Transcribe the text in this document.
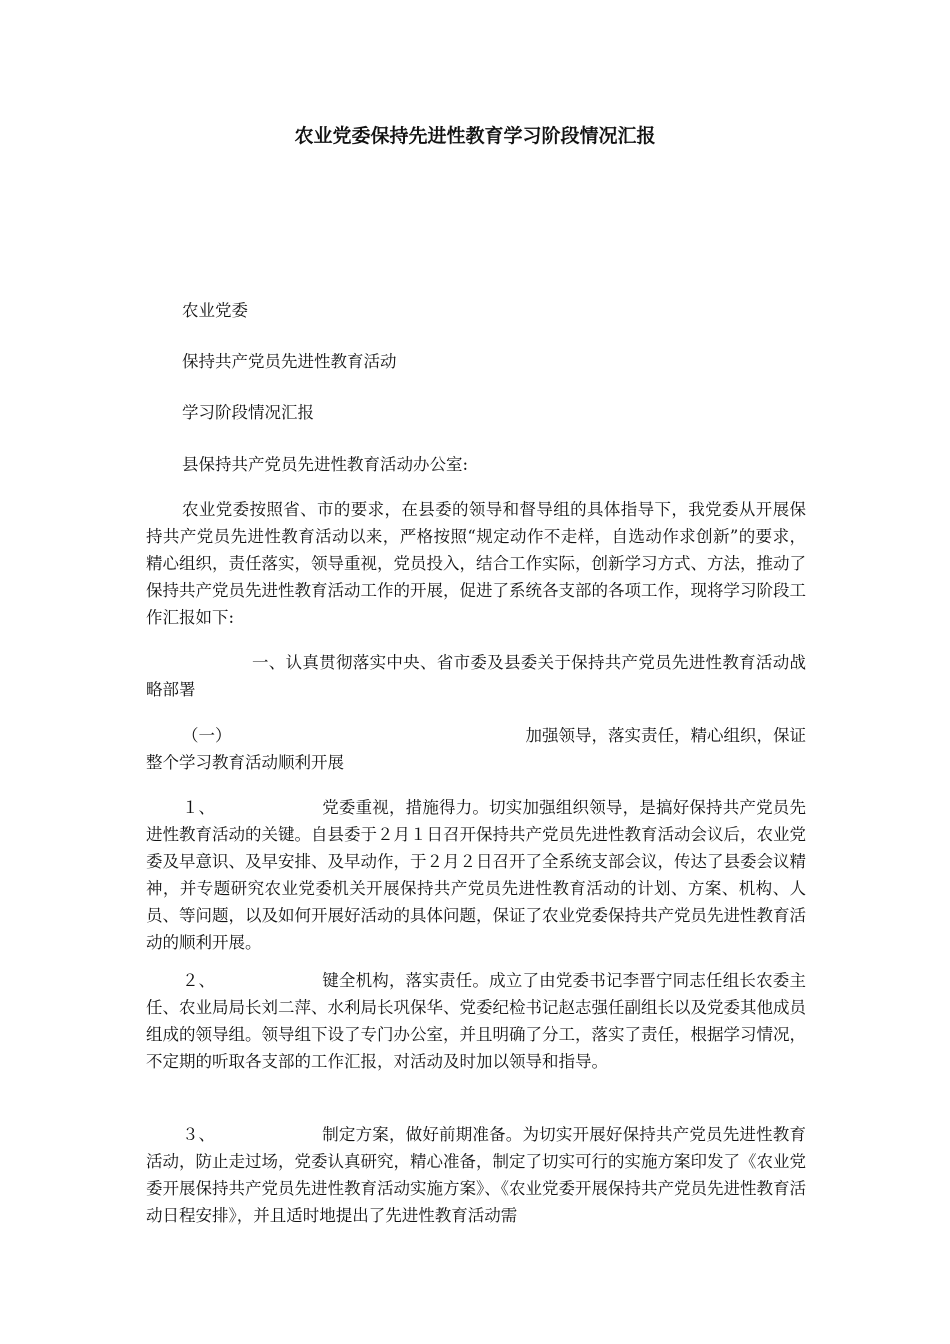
农业党委保持先进性教育学习阶段情况汇报
农业党委
保持共产党员先进性教育活动
学习阶段情况汇报
县保持共产党员先进性教育活动办公室:

农业党委按照省、市的要求，在县委的领导和督导组的具体指导下，我党委从开展保持共产党员先进性教育活动以来，严格按照“规定动作不走样，自选动作求创新”的要求，精心组织，责任落实，领导重视，党员投入，结合工作实际，创新学习方式、方法，推动了保持共产党员先进性教育活动工作的开展，促进了系统各支部的各项工作，现将学习阶段工作汇报如下:

一、认真贯彻落实中央、省市委及县委关于保持共产党员先进性教育活动战略部署

（一）	加强领导，落实责任，精心组织，保证
整个学习教育活动顺利开展

１、	党委重视，措施得力。切实加强组织领导，是搞好保持共产党员先进性教育活动的关键。自县委于２月１日召开保持共产党员先进性教育活动会议后，农业党委及早意识、及早安排、及早动作，于２月２日召开了全系统支部会议，传达了县委会议精神，并专题研究农业党委机关开展保持共产党员先进性教育活动的计划、方案、机构、人员、等问题，以及如何开展好活动的具体问题，保证了农业党委保持共产党员先进性教育活动的顺利开展。

２、	键全机构，落实责任。成立了由党委书记李晋宁同志任组长农委主任、农业局局长刘二萍、水利局长巩保华、党委纪检书记赵志强任副组长以及党委其他成员组成的领导组。领导组下设了专门办公室，并且明确了分工，落实了责任，根据学习情况，不定期的听取各支部的工作汇报，对活动及时加以领导和指导。

３、	制定方案，做好前期准备。为切实开展好保持共产党员先进性教育活动，防止走过场，党委认真研究，精心准备，制定了切实可行的实施方案印发了《农业党委开展保持共产党员先进性教育活动实施方案》、《农业党委开展保持共产党员先进性教育活动日程安排》，并且适时地提出了先进性教育活动需
